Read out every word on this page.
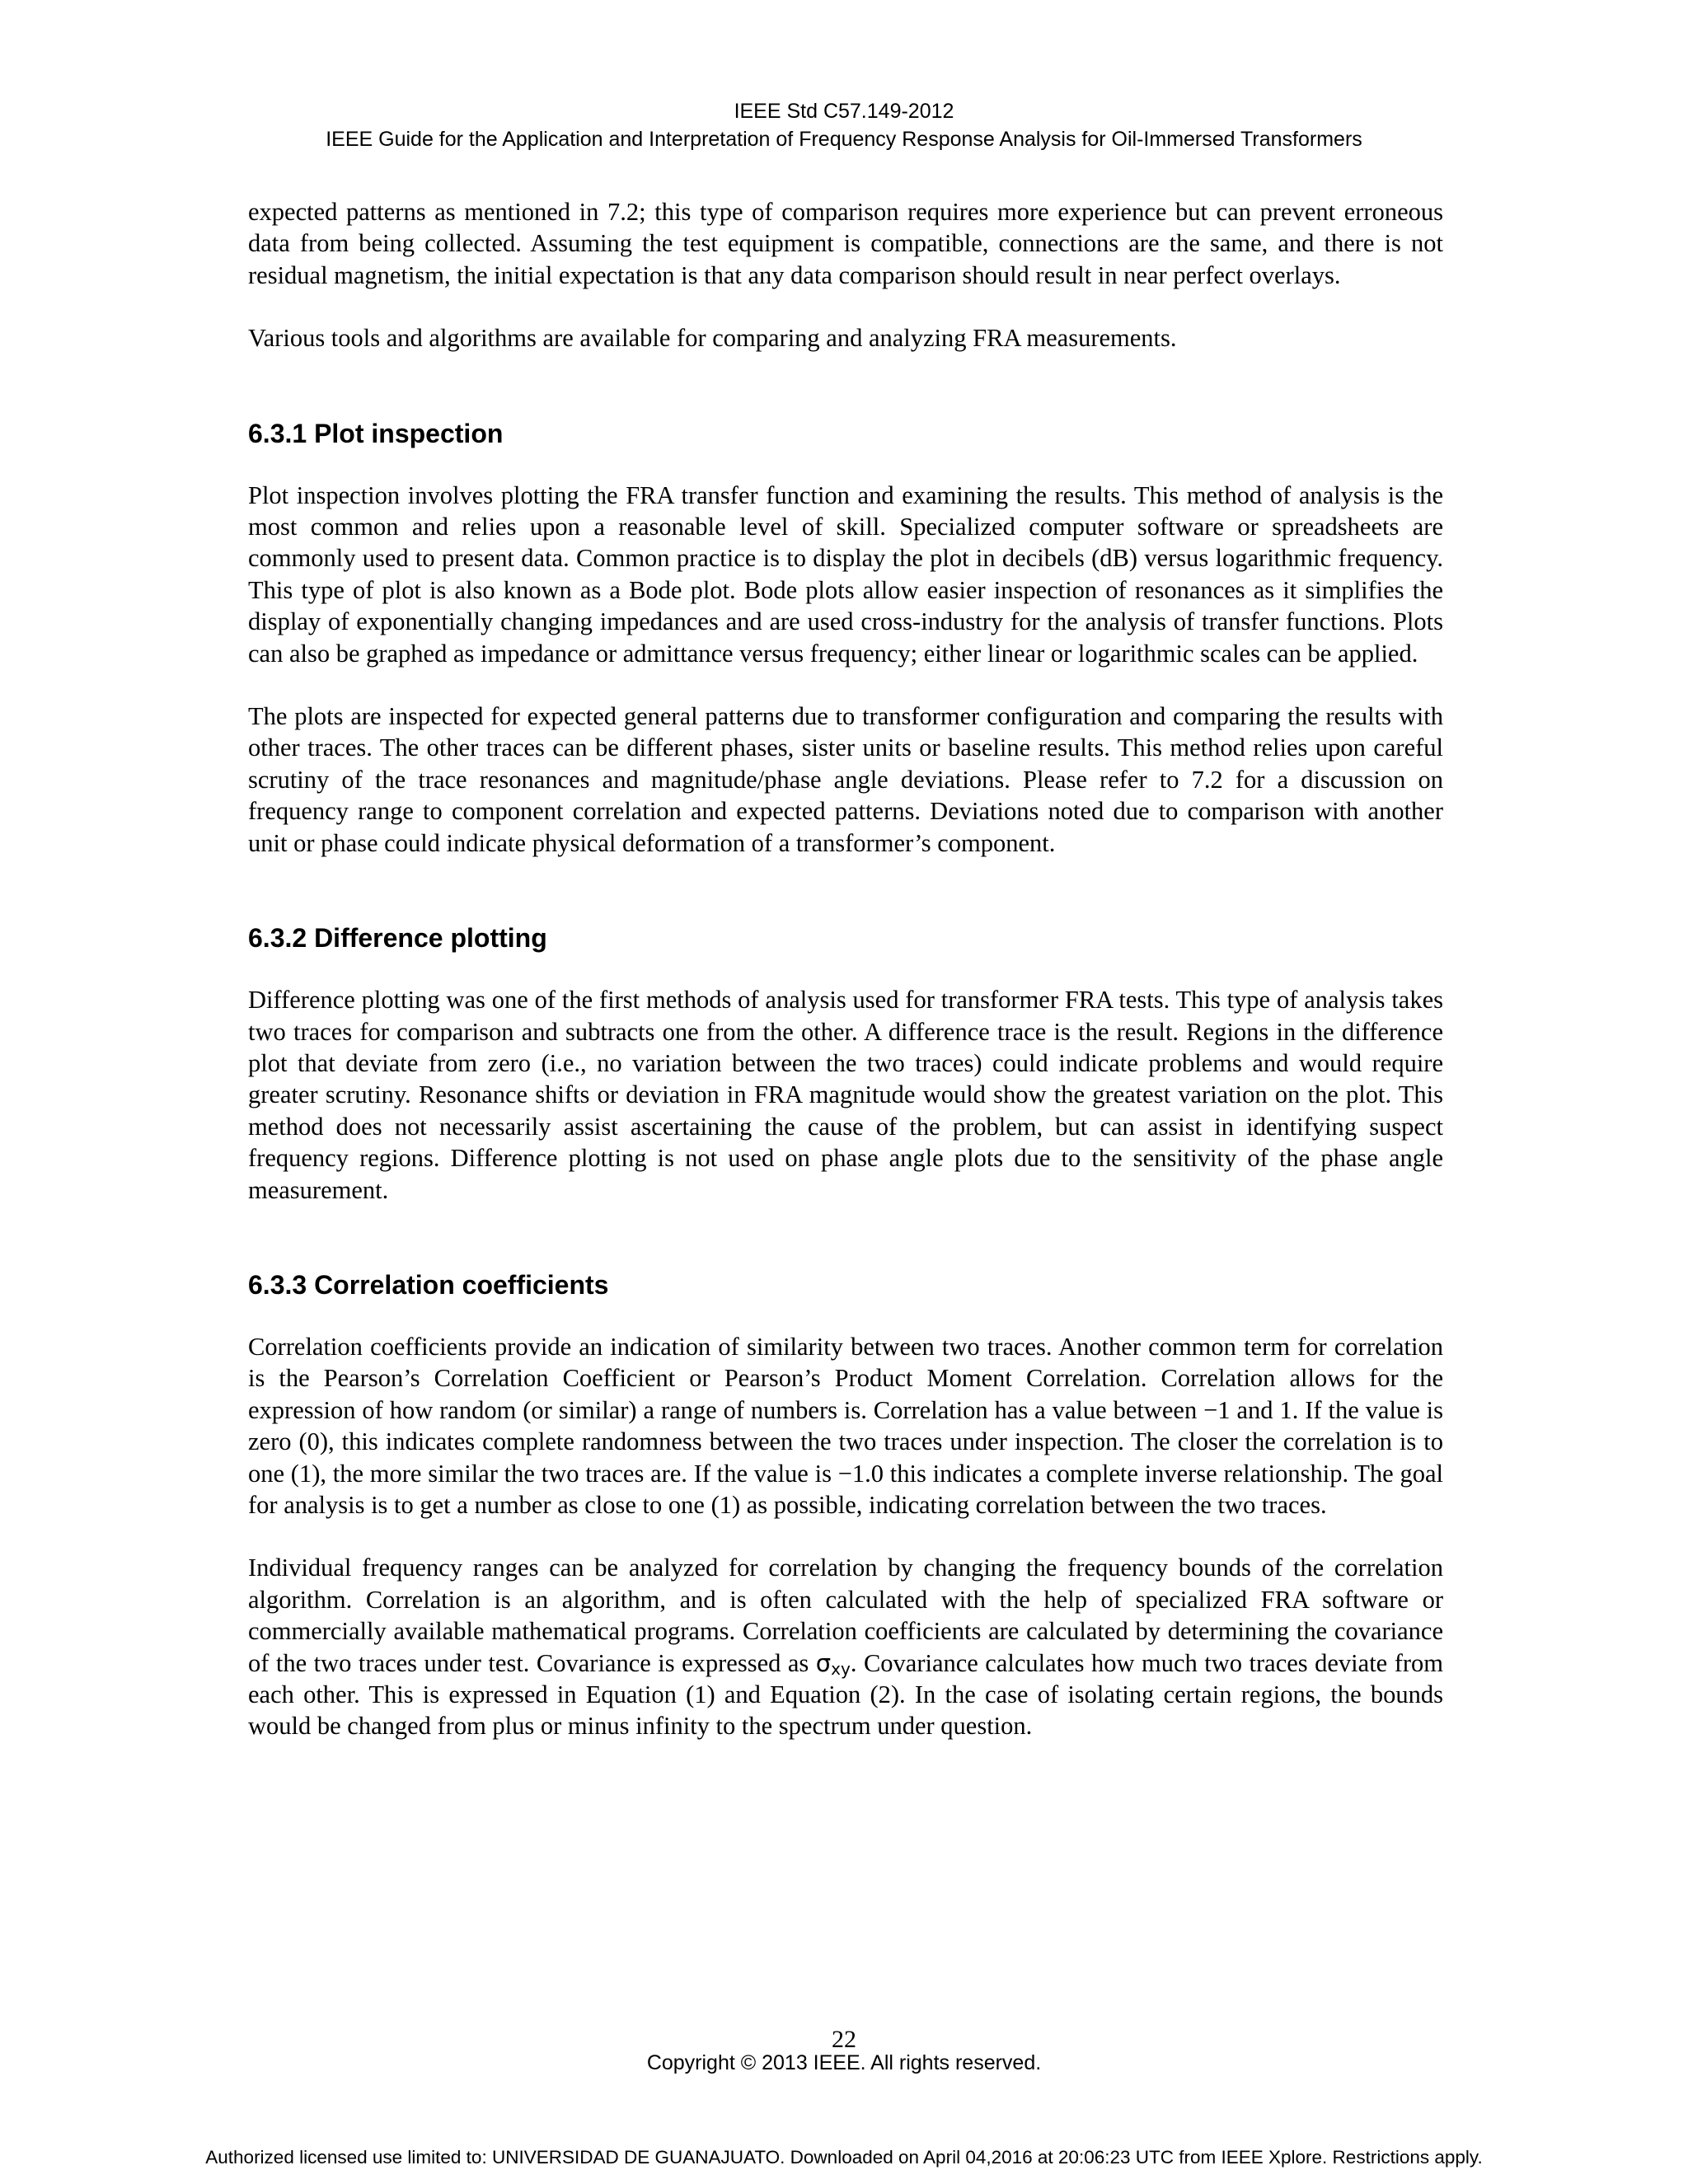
IEEE Std C57.149-2012
IEEE Guide for the Application and Interpretation of Frequency Response Analysis for Oil-Immersed Transformers

expected patterns as mentioned in 7.2; this type of comparison requires more experience but can prevent erroneous data from being collected. Assuming the test equipment is compatible, connections are the same, and there is not residual magnetism, the initial expectation is that any data comparison should result in near perfect overlays.

Various tools and algorithms are available for comparing and analyzing FRA measurements.

6.3.1 Plot inspection

Plot inspection involves plotting the FRA transfer function and examining the results. This method of analysis is the most common and relies upon a reasonable level of skill. Specialized computer software or spreadsheets are commonly used to present data. Common practice is to display the plot in decibels (dB) versus logarithmic frequency. This type of plot is also known as a Bode plot. Bode plots allow easier inspection of resonances as it simplifies the display of exponentially changing impedances and are used cross-industry for the analysis of transfer functions. Plots can also be graphed as impedance or admittance versus frequency; either linear or logarithmic scales can be applied.

The plots are inspected for expected general patterns due to transformer configuration and comparing the results with other traces. The other traces can be different phases, sister units or baseline results. This method relies upon careful scrutiny of the trace resonances and magnitude/phase angle deviations. Please refer to 7.2 for a discussion on frequency range to component correlation and expected patterns. Deviations noted due to comparison with another unit or phase could indicate physical deformation of a transformer’s component.

6.3.2 Difference plotting

Difference plotting was one of the first methods of analysis used for transformer FRA tests. This type of analysis takes two traces for comparison and subtracts one from the other. A difference trace is the result. Regions in the difference plot that deviate from zero (i.e., no variation between the two traces) could indicate problems and would require greater scrutiny. Resonance shifts or deviation in FRA magnitude would show the greatest variation on the plot. This method does not necessarily assist ascertaining the cause of the problem, but can assist in identifying suspect frequency regions. Difference plotting is not used on phase angle plots due to the sensitivity of the phase angle measurement.

6.3.3 Correlation coefficients

Correlation coefficients provide an indication of similarity between two traces. Another common term for correlation is the Pearson’s Correlation Coefficient or Pearson’s Product Moment Correlation. Correlation allows for the expression of how random (or similar) a range of numbers is. Correlation has a value between −1 and 1. If the value is zero (0), this indicates complete randomness between the two traces under inspection. The closer the correlation is to one (1), the more similar the two traces are. If the value is −1.0 this indicates a complete inverse relationship. The goal for analysis is to get a number as close to one (1) as possible, indicating correlation between the two traces.

Individual frequency ranges can be analyzed for correlation by changing the frequency bounds of the correlation algorithm. Correlation is an algorithm, and is often calculated with the help of specialized FRA software or commercially available mathematical programs. Correlation coefficients are calculated by determining the covariance of the two traces under test. Covariance is expressed as $\sigma_{xy}$. Covariance calculates how much two traces deviate from each other. This is expressed in Equation (1) and Equation (2). In the case of isolating certain regions, the bounds would be changed from plus or minus infinity to the spectrum under question.

22
Copyright © 2013 IEEE. All rights reserved.
Authorized licensed use limited to: UNIVERSIDAD DE GUANAJUATO. Downloaded on April 04,2016 at 20:06:23 UTC from IEEE Xplore. Restrictions apply.
